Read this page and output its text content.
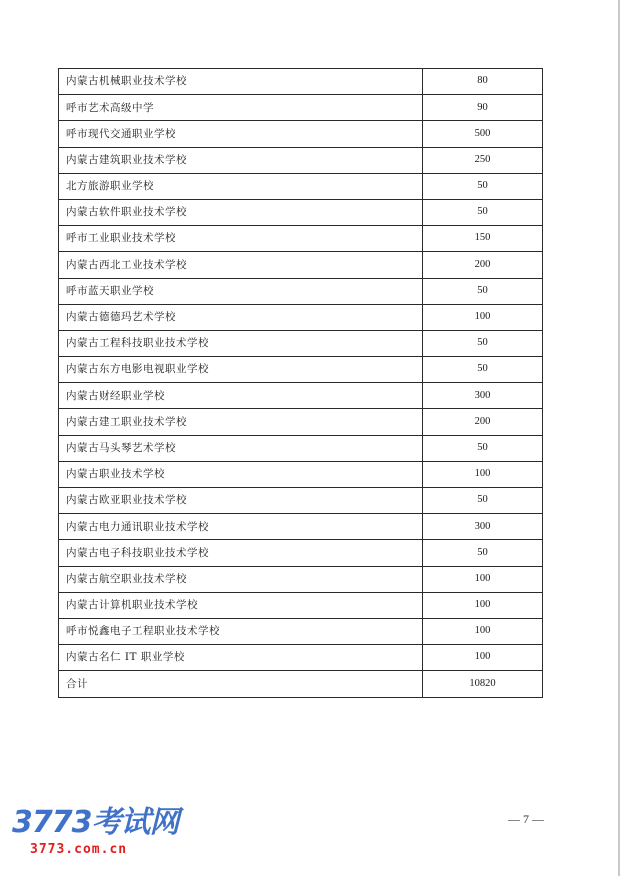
内蒙古机械职业技术学校	80
呼市艺术高级中学	90
呼市现代交通职业学校	500
内蒙古建筑职业技术学校	250
北方旅游职业学校	50
内蒙古软件职业技术学校	50
呼市工业职业技术学校	150
内蒙古西北工业技术学校	200
呼市蓝天职业学校	50
内蒙古德德玛艺术学校	100
内蒙古工程科技职业技术学校	50
内蒙古东方电影电视职业学校	50
内蒙古财经职业学校	300
内蒙古建工职业技术学校	200
内蒙古马头琴艺术学校	50
内蒙古职业技术学校	100
内蒙古欧亚职业技术学校	50
内蒙古电力通讯职业技术学校	300
内蒙古电子科技职业技术学校	50
内蒙古航空职业技术学校	100
内蒙古计算机职业技术学校	100
呼市悦鑫电子工程职业技术学校	100
内蒙古名仁 IT 职业学校	100
合计	10820
— 7 —
3773考试网
3773.com.cn
